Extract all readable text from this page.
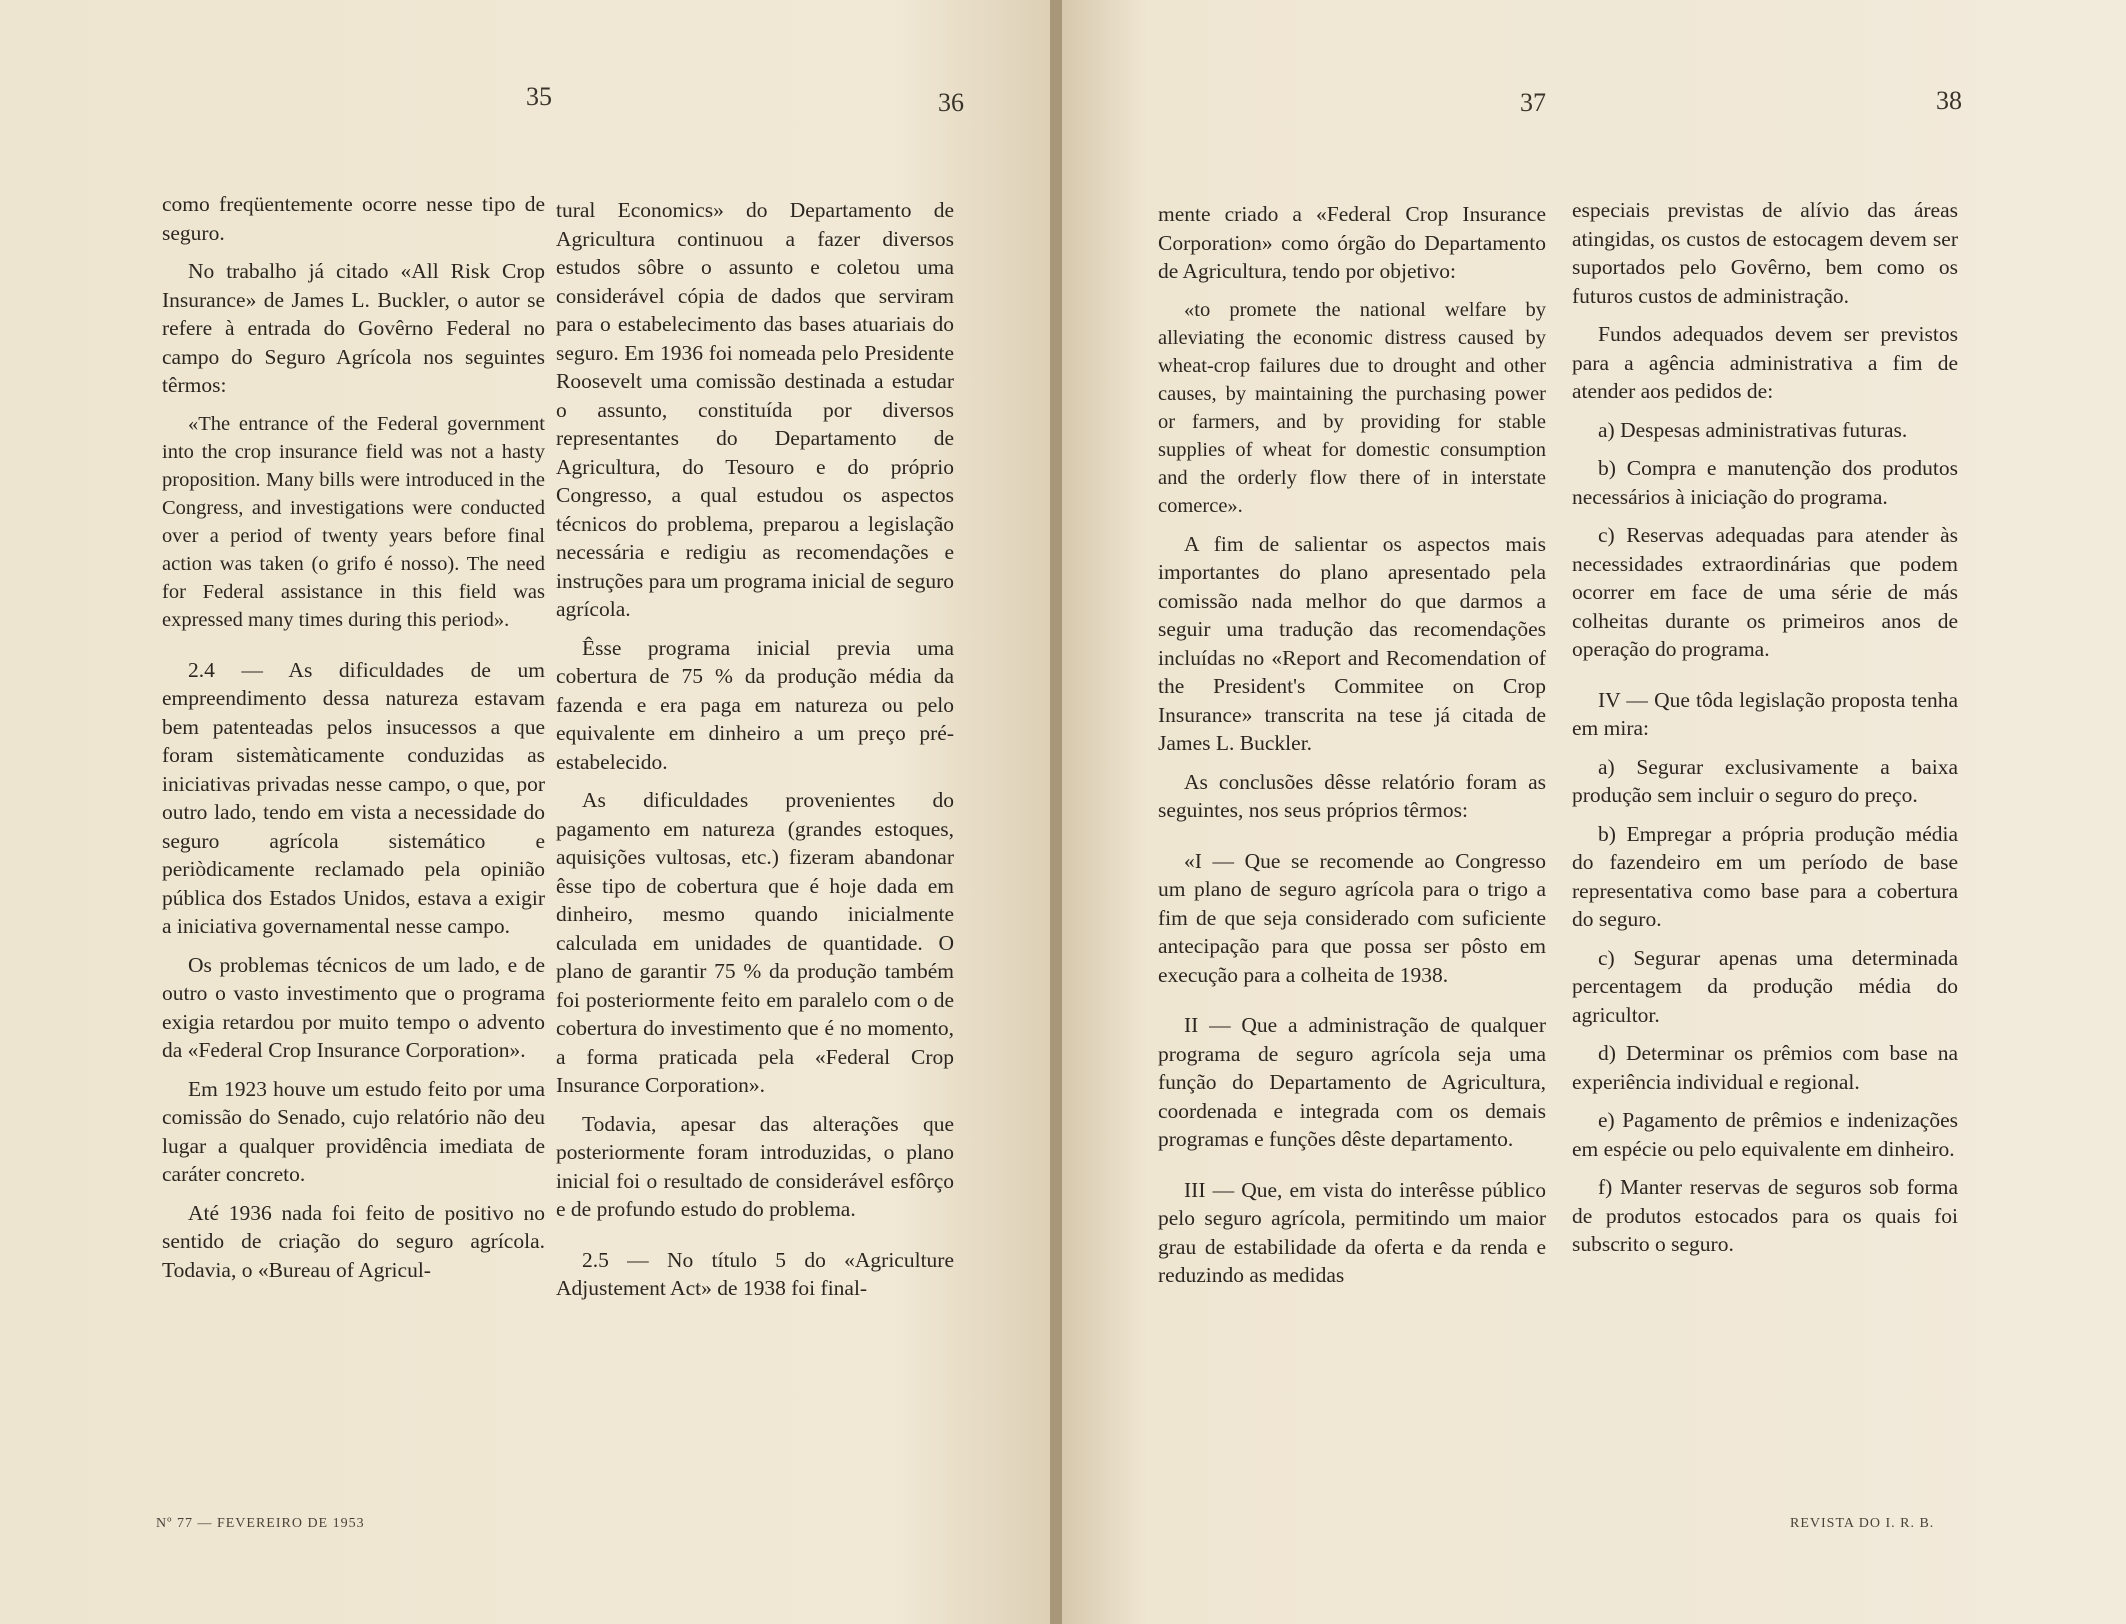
35	36

como freqüentemente ocorre nesse tipo de seguro.

No trabalho já citado «All Risk Crop Insurance» de James L. Buckler, o autor se refere à entrada do Govêrno Federal no campo do Seguro Agrícola nos seguintes têrmos:

«The entrance of the Federal government into the crop insurance field was not a hasty proposition. Many bills were introduced in the Congress, and investigations were conducted over a period of twenty years before final action was taken (o grifo é nosso). The need for Federal assistance in this field was expressed many times during this period».

2.4 — As dificuldades de um empreendimento dessa natureza estavam bem patenteadas pelos insucessos a que foram sistemàticamente conduzidas as iniciativas privadas nesse campo, o que, por outro lado, tendo em vista a necessidade do seguro agrícola sistemático e periòdicamente reclamado pela opinião pública dos Estados Unidos, estava a exigir a iniciativa governamental nesse campo.

Os problemas técnicos de um lado, e de outro o vasto investimento que o programa exigia retardou por muito tempo o advento da «Federal Crop Insurance Corporation».

Em 1923 houve um estudo feito por uma comissão do Senado, cujo relatório não deu lugar a qualquer providência imediata de caráter concreto.

Até 1936 nada foi feito de positivo no sentido de criação do seguro agrícola. Todavia, o «Bureau of Agricul-

tural Economics» do Departamento de Agricultura continuou a fazer diversos estudos sôbre o assunto e coletou uma considerável cópia de dados que serviram para o estabelecimento das bases atuariais do seguro. Em 1936 foi nomeada pelo Presidente Roosevelt uma comissão destinada a estudar o assunto, constituída por diversos representantes do Departamento de Agricultura, do Tesouro e do próprio Congresso, a qual estudou os aspectos técnicos do problema, preparou a legislação necessária e redigiu as recomendações e instruções para um programa inicial de seguro agrícola.

Êsse programa inicial previa uma cobertura de 75 % da produção média da fazenda e era paga em natureza ou pelo equivalente em dinheiro a um preço pré-estabelecido.

As dificuldades provenientes do pagamento em natureza (grandes estoques, aquisições vultosas, etc.) fizeram abandonar êsse tipo de cobertura que é hoje dada em dinheiro, mesmo quando inicialmente calculada em unidades de quantidade. O plano de garantir 75 % da produção também foi posteriormente feito em paralelo com o de cobertura do investimento que é no momento, a forma praticada pela «Federal Crop Insurance Corporation».

Todavia, apesar das alterações que posteriormente foram introduzidas, o plano inicial foi o resultado de considerável esfôrço e de profundo estudo do problema.

2.5 — No título 5 do «Agriculture Adjustement Act» de 1938 foi final-

Nº 77 — FEVEREIRO DE 1953
37	38

mente criado a «Federal Crop Insurance Corporation» como órgão do Departamento de Agricultura, tendo por objetivo:

«to promete the national welfare by alleviating the economic distress caused by wheat-crop failures due to drought and other causes, by maintaining the purchasing power or farmers, and by providing for stable supplies of wheat for domestic consumption and the orderly flow there of in interstate comerce».

A fim de salientar os aspectos mais importantes do plano apresentado pela comissão nada melhor do que darmos a seguir uma tradução das recomendações incluídas no «Report and Recomendation of the President's Commitee on Crop Insurance» transcrita na tese já citada de James L. Buckler.

As conclusões dêsse relatório foram as seguintes, nos seus próprios têrmos:

«I — Que se recomende ao Congresso um plano de seguro agrícola para o trigo a fim de que seja considerado com suficiente antecipação para que possa ser pôsto em execução para a colheita de 1938.

II — Que a administração de qualquer programa de seguro agrícola seja uma função do Departamento de Agricultura, coordenada e integrada com os demais programas e funções dêste departamento.

III — Que, em vista do interêsse público pelo seguro agrícola, permitindo um maior grau de estabilidade da oferta e da renda e reduzindo as medidas

especiais previstas de alívio das áreas atingidas, os custos de estocagem devem ser suportados pelo Govêrno, bem como os futuros custos de administração.

Fundos adequados devem ser previstos para a agência administrativa a fim de atender aos pedidos de:

a) Despesas administrativas futuras.

b) Compra e manutenção dos produtos necessários à iniciação do programa.

c) Reservas adequadas para atender às necessidades extraordinárias que podem ocorrer em face de uma série de más colheitas durante os primeiros anos de operação do programa.

IV — Que tôda legislação proposta tenha em mira:

a) Segurar exclusivamente a baixa produção sem incluir o seguro do preço.

b) Empregar a própria produção média do fazendeiro em um período de base representativa como base para a cobertura do seguro.

c) Segurar apenas uma determinada percentagem da produção média do agricultor.

d) Determinar os prêmios com base na experiência individual e regional.

e) Pagamento de prêmios e indenizações em espécie ou pelo equivalente em dinheiro.

f) Manter reservas de seguros sob forma de produtos estocados para os quais foi subscrito o seguro.

REVISTA DO I. R. B.
